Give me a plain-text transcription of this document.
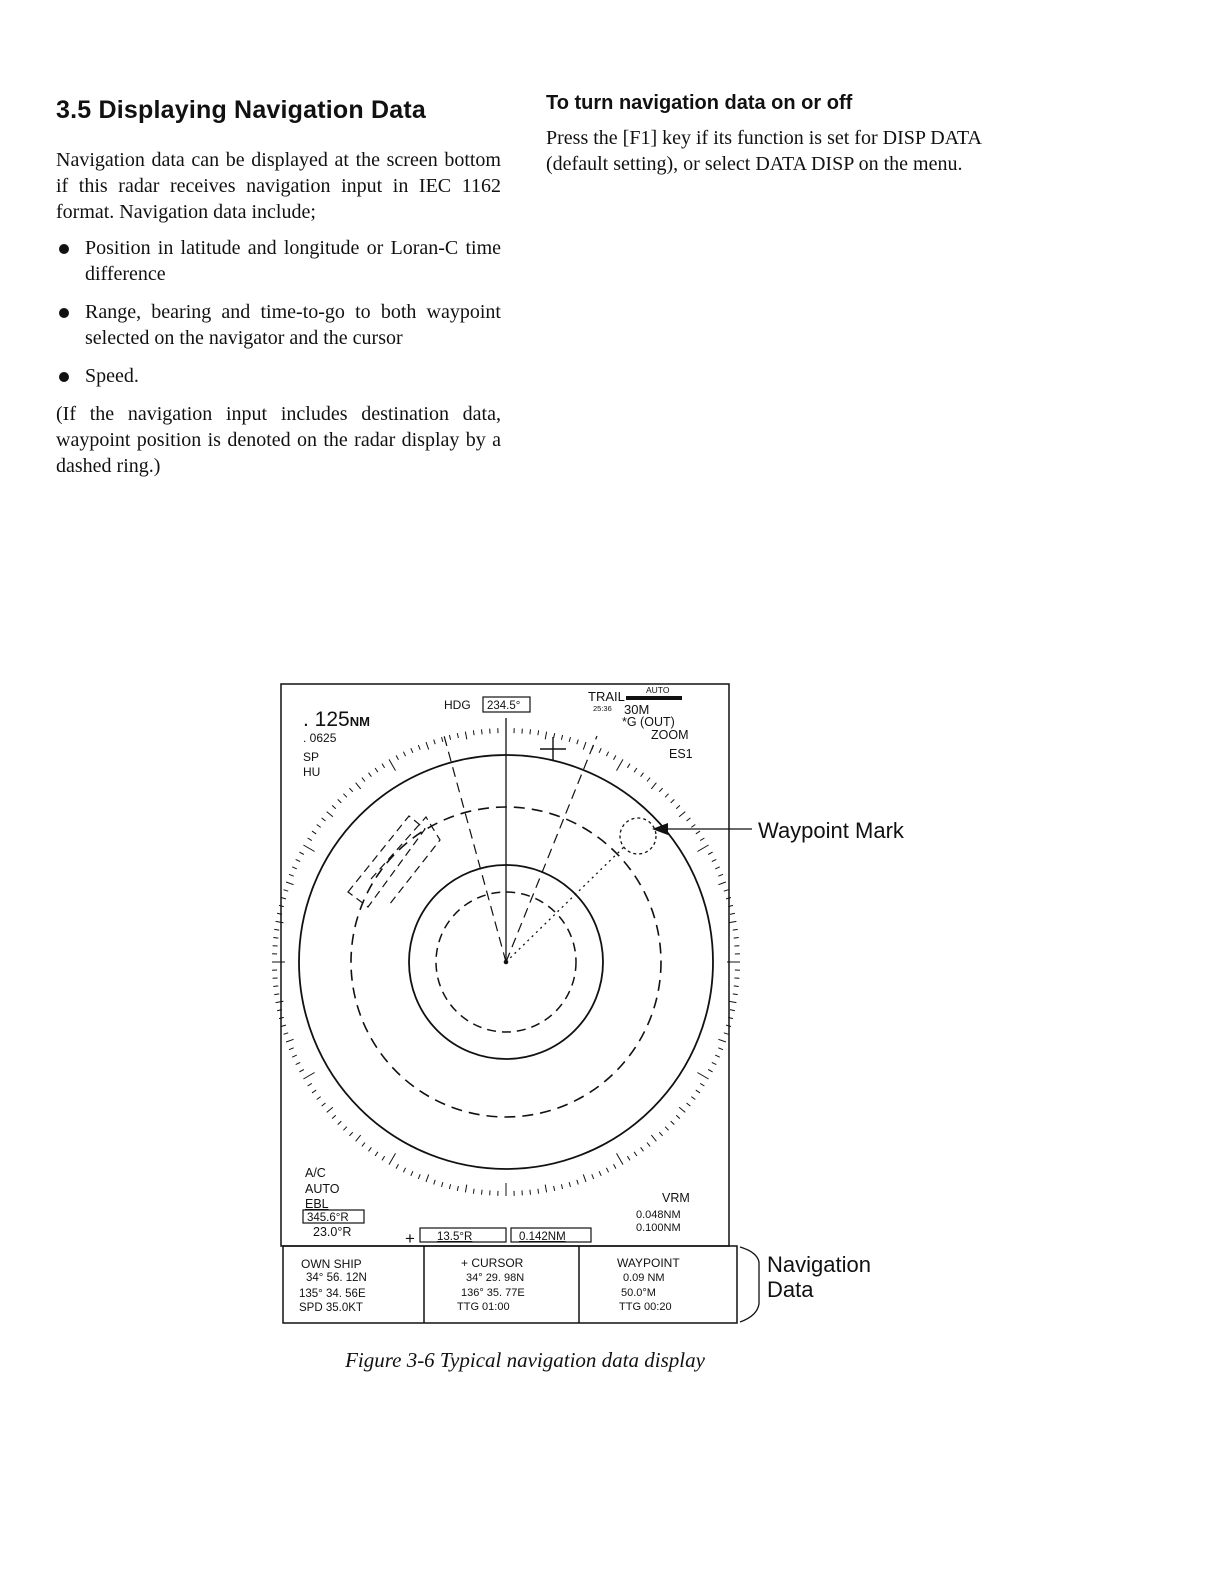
3.5 Displaying Navigation Data

Navigation data can be displayed at the screen bottom if this radar receives navigation input in IEC 1162 format. Navigation data include;

Position in latitude and longitude or Loran-C time difference
Range, bearing and time-to-go to both waypoint selected on the navigator and the cursor
Speed.

(If the navigation input includes destination data, waypoint position is denoted on the radar display by a dashed ring.)

To turn navigation data on or off

Press the [F1] key if its function is set for DISP DATA (default setting), or select DATA DISP on the menu.

. 125NM
. 0625
SP
HU
HDG 234.5°
TRAIL AUTO
25:36 30M
*G (OUT)
ZOOM
ES1
A/C
AUTO
EBL
345.6°R
23.0°R	+ 13.5°R	0.142NM
VRM
0.048NM
0.100NM
OWN SHIP
34° 56. 12N
135° 34. 56E
SPD 35.0KT
+ CURSOR
34° 29. 98N
136° 35. 77E
TTG 01:00
WAYPOINT
0.09 NM
50.0°M
TTG 00:20
Waypoint Mark
Navigation
Data
Figure 3-6 Typical navigation data display
